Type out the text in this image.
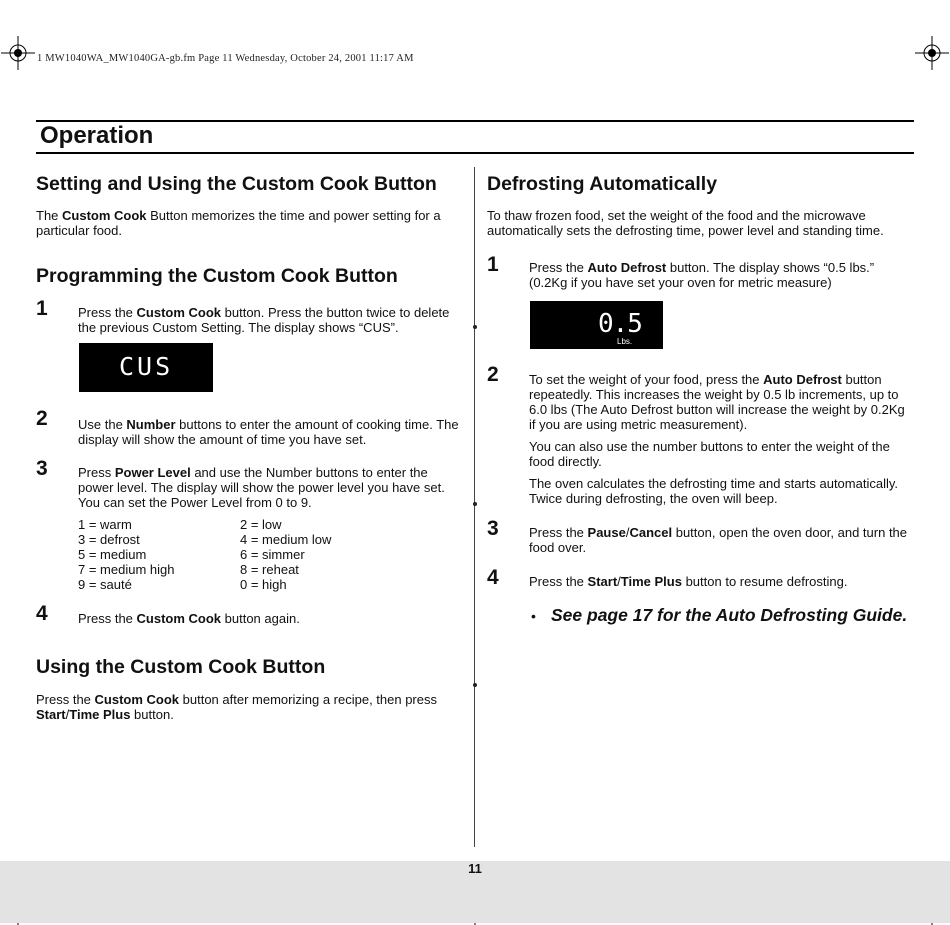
1 MW1040WA_MW1040GA-gb.fm Page 11 Wednesday, October 24, 2001 11:17 AM
Operation
Setting and Using the Custom Cook Button
The Custom Cook Button memorizes the time and power setting for a particular food.
Programming the Custom Cook Button
1 Press the Custom Cook button. Press the button twice to delete the previous Custom Setting. The display shows “CUS”.
CUS
2 Use the Number buttons to enter the amount of cooking time. The display will show the amount of time you have set.
3 Press Power Level and use the Number buttons to enter the power level. The display will show the power level you have set. You can set the Power Level from 0 to 9.
1 = warm	2 = low
3 = defrost	4 = medium low
5 = medium	6 = simmer
7 = medium high	8 = reheat
9 = sauté	0 = high
4 Press the Custom Cook button again.
Using the Custom Cook Button
Press the Custom Cook button after memorizing a recipe, then press Start/Time Plus button.
Defrosting Automatically
To thaw frozen food, set the weight of the food and the microwave automatically sets the defrosting time, power level and standing time.
1 Press the Auto Defrost button. The display shows “0.5 lbs.” (0.2Kg if you have set your oven for metric measure)
0.5
Lbs.
2 To set the weight of your food, press the Auto Defrost button repeatedly. This increases the weight by 0.5 lb increments, up to 6.0 lbs (The Auto Defrost button will increase the weight by 0.2Kg if you are using metric measurement).
You can also use the number buttons to enter the weight of the food directly.
The oven calculates the defrosting time and starts automatically. Twice during defrosting, the oven will beep.
3 Press the Pause/Cancel button, open the oven door, and turn the food over.
4 Press the Start/Time Plus button to resume defrosting.
• See page 17 for the Auto Defrosting Guide.
11
